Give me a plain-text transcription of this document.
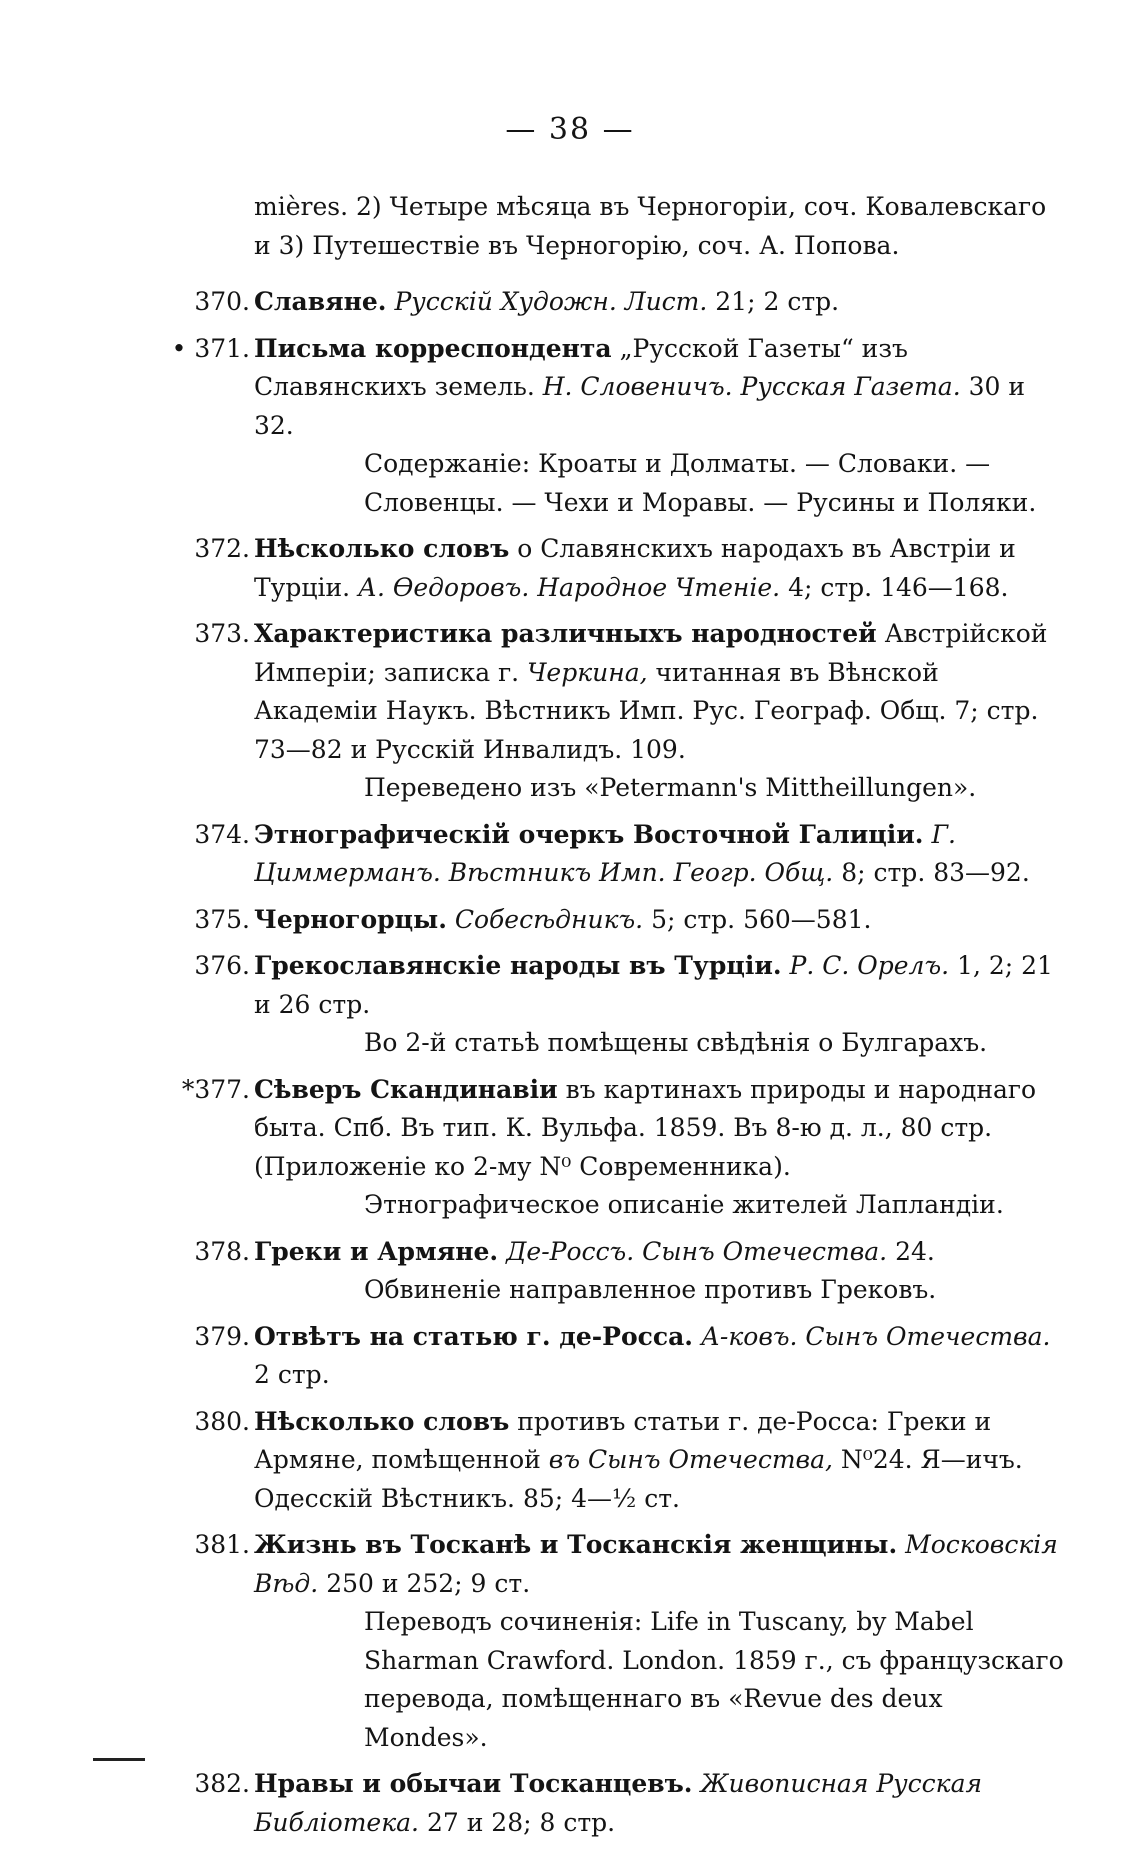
— 38 —
mières. 2) Четыре мѣсяца въ Черногоріи, соч. Ковалевскаго и 3) Путешествіе въ Черногорію, соч. А. Попова.
370. Славяне. Русскій Художн. Лист. 21; 2 стр.
• 371. Письма корреспондента „Русской Газеты“ изъ Славянскихъ земель. Н. Словеничъ. Русская Газета. 30 и 32.
Содержаніе: Кроаты и Долматы. — Словаки. — Словенцы. — Чехи и Моравы. — Русины и Поляки.
372. Нѣсколько словъ о Славянскихъ народахъ въ Австріи и Турціи. А. Ѳедоровъ. Народное Чтеніе. 4; стр. 146—168.
373. Характеристика различныхъ народностей Австрійской Имперіи; записка г. Черкина, читанная въ Вѣнской Академіи Наукъ. Вѣстникъ Имп. Рус. Географ. Общ. 7; стр. 73—82 и Русскій Инвалидъ. 109.
Переведено изъ «Petermann's Mittheillungen».
374. Этнографическій очеркъ Восточной Галиціи. Г. Циммерманъ. Вѣстникъ Имп. Геогр. Общ. 8; стр. 83—92.
375. Черногорцы. Собесѣдникъ. 5; стр. 560—581.
376. Грекославянскіе народы въ Турціи. Р. С. Орелъ. 1, 2; 21 и 26 стр.
Во 2-й статьѣ помѣщены свѣдѣнія о Булгарахъ.
*377. Сѣверъ Скандинавіи въ картинахъ природы и народнаго быта. Спб. Въ тип. К. Вульфа. 1859. Въ 8-ю д. л., 80 стр. (Приложеніе ко 2-му N⁰ Современника).
Этнографическое описаніе жителей Лапландіи.
378. Греки и Армяне. Де-Россъ. Сынъ Отечества. 24.
Обвиненіе направленное противъ Грековъ.
379. Отвѣтъ на статью г. де-Росса. А-ковъ. Сынъ Отечества. 2 стр.
380. Нѣсколько словъ противъ статьи г. де-Росса: Греки и Армяне, помѣщенной въ Сынъ Отечества, N⁰24. Я—ичъ. Одесскій Вѣстникъ. 85; 4—½ ст.
381. Жизнь въ Тосканѣ и Тосканскія женщины. Московскія Вѣд. 250 и 252; 9 ст.
Переводъ сочиненія: Life in Tuscany, by Mabel Sharman Crawford. London. 1859 г., съ французскаго перевода, помѣщеннаго въ «Revue des deux Mondes».
382. Нравы и обычаи Тосканцевъ. Живописная Русская Библіотека. 27 и 28; 8 стр.
